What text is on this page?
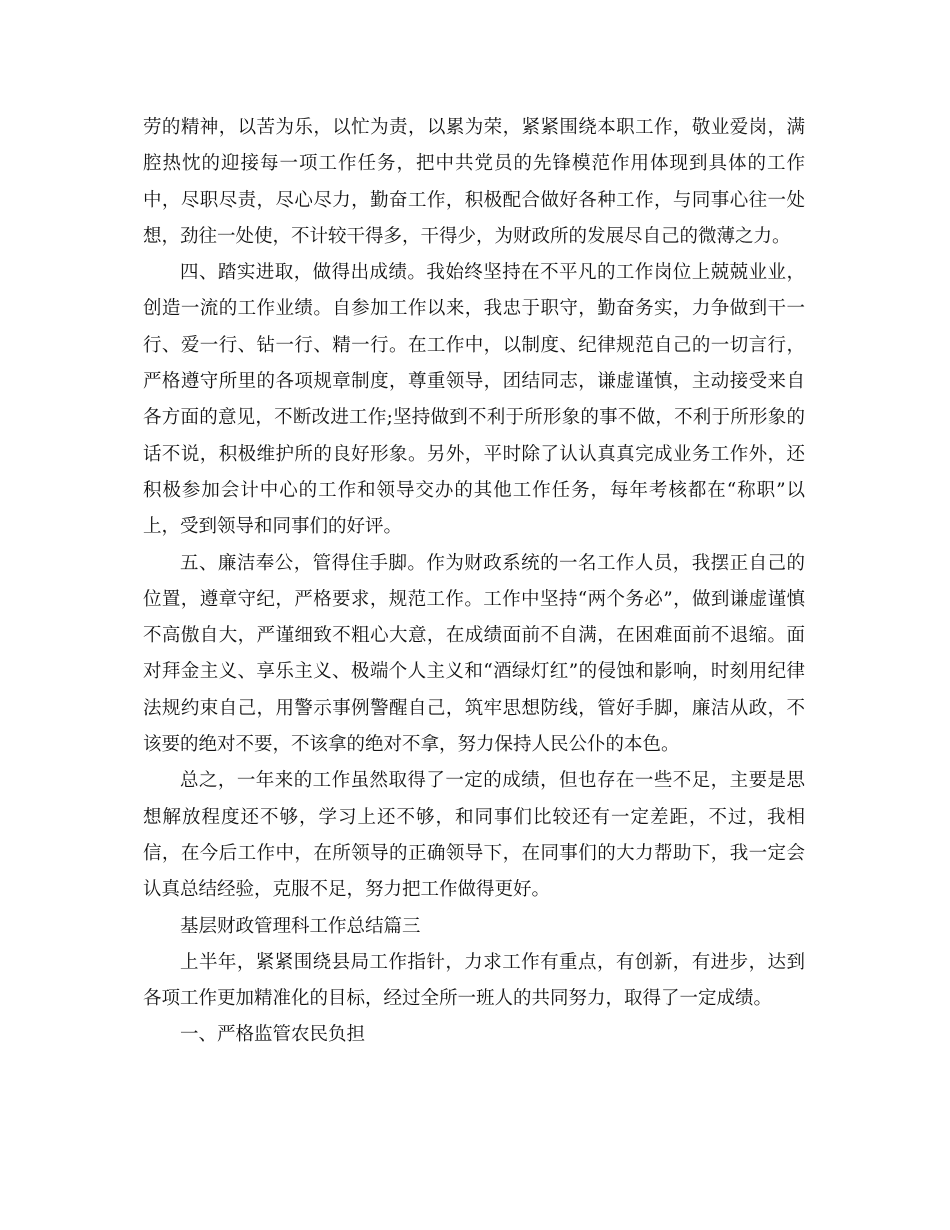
劳的精神，以苦为乐，以忙为责，以累为荣，紧紧围绕本职工作，敬业爱岗，满腔热忱的迎接每一项工作任务，把中共党员的先锋模范作用体现到具体的工作中，尽职尽责，尽心尽力，勤奋工作，积极配合做好各种工作，与同事心往一处想，劲往一处使，不计较干得多，干得少，为财政所的发展尽自己的微薄之力。

四、踏实进取，做得出成绩。我始终坚持在不平凡的工作岗位上兢兢业业，创造一流的工作业绩。自参加工作以来，我忠于职守，勤奋务实，力争做到干一行、爱一行、钻一行、精一行。在工作中，以制度、纪律规范自己的一切言行，严格遵守所里的各项规章制度，尊重领导，团结同志，谦虚谨慎，主动接受来自各方面的意见，不断改进工作;坚持做到不利于所形象的事不做，不利于所形象的话不说，积极维护所的良好形象。另外，平时除了认认真真完成业务工作外，还积极参加会计中心的工作和领导交办的其他工作任务，每年考核都在“称职”以上，受到领导和同事们的好评。

五、廉洁奉公，管得住手脚。作为财政系统的一名工作人员，我摆正自己的位置，遵章守纪，严格要求，规范工作。工作中坚持“两个务必”，做到谦虚谨慎不高傲自大，严谨细致不粗心大意，在成绩面前不自满，在困难面前不退缩。面对拜金主义、享乐主义、极端个人主义和“酒绿灯红”的侵蚀和影响，时刻用纪律法规约束自己，用警示事例警醒自己，筑牢思想防线，管好手脚，廉洁从政，不该要的绝对不要，不该拿的绝对不拿，努力保持人民公仆的本色。

总之，一年来的工作虽然取得了一定的成绩，但也存在一些不足，主要是思想解放程度还不够，学习上还不够，和同事们比较还有一定差距，不过，我相信，在今后工作中，在所领导的正确领导下，在同事们的大力帮助下，我一定会认真总结经验，克服不足，努力把工作做得更好。

基层财政管理科工作总结篇三

上半年，紧紧围绕县局工作指针，力求工作有重点，有创新，有进步，达到各项工作更加精准化的目标，经过全所一班人的共同努力，取得了一定成绩。

一、严格监管农民负担
